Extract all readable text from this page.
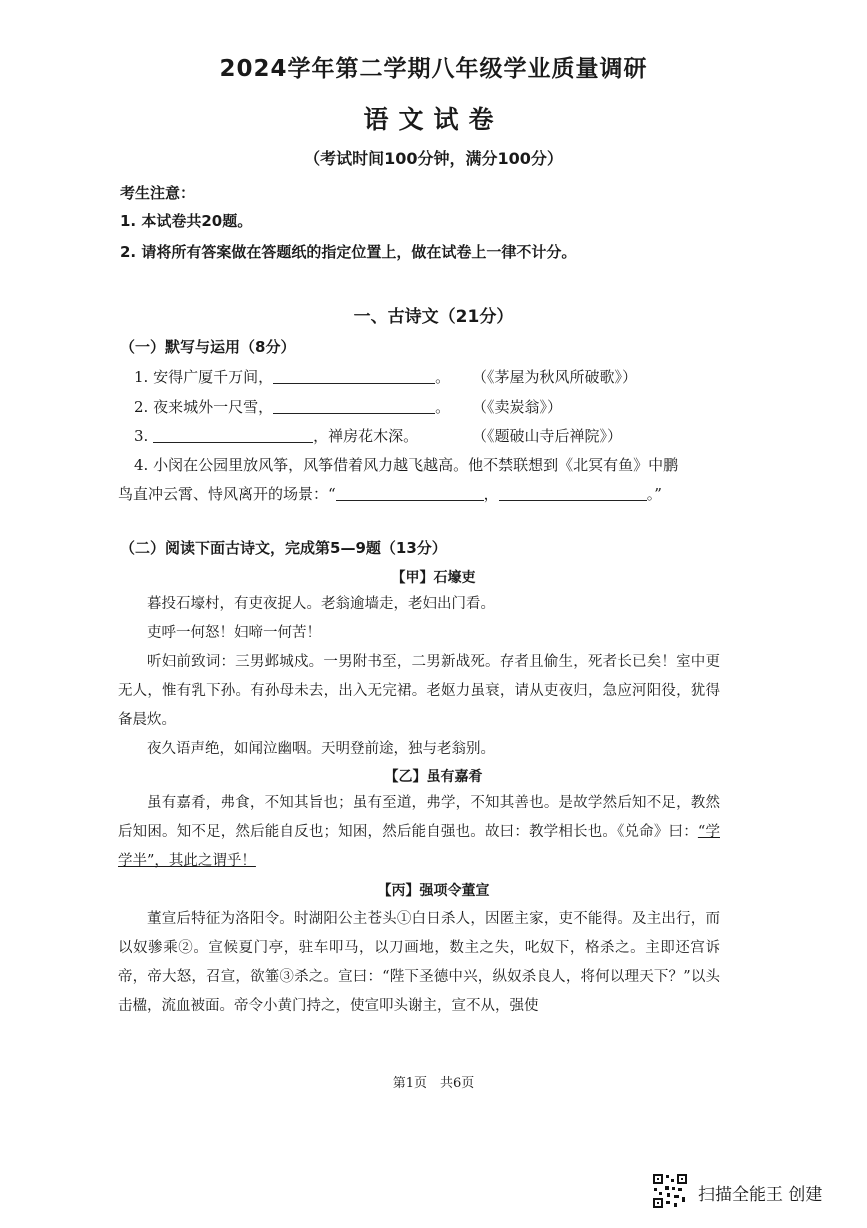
2024学年第二学期八年级学业质量调研
语文试卷
（考试时间100分钟，满分100分）
考生注意：
1. 本试卷共20题。
2. 请将所有答案做在答题纸的指定位置上，做在试卷上一律不计分。
一、古诗文（21分）
（一）默写与运用（8分）
1. 安得广厦千万间，	。 （《茅屋为秋风所破歌》）
2. 夜来城外一尺雪，	。 （《卖炭翁》）
3.	，禅房花木深。	（《题破山寺后禅院》）
4. 小闵在公园里放风筝，风筝借着风力越飞越高。他不禁联想到《北冥有鱼》中鹏
鸟直冲云霄、恃风离开的场景：“	，	。”
（二）阅读下面古诗文，完成第5—9题（13分）
【甲】石壕吏

暮投石壕村，有吏夜捉人。老翁逾墙走，老妇出门看。

吏呼一何怒！妇啼一何苦！

听妇前致词：三男邺城戍。一男附书至，二男新战死。存者且偷生，死者长已矣！室中更无人，惟有乳下孙。有孙母未去，出入无完裙。老妪力虽衰，请从吏夜归，急应河阳役，犹得备晨炊。

夜久语声绝，如闻泣幽咽。天明登前途，独与老翁别。

【乙】虽有嘉肴

虽有嘉肴，弗食，不知其旨也；虽有至道，弗学，不知其善也。是故学然后知不足，教然后知困。知不足，然后能自反也；知困，然后能自强也。故曰：教学相长也。《兑命》曰：“学学半”，其此之谓乎！

【丙】强项令董宣

董宣后特征为洛阳令。时湖阳公主苍头①白日杀人，因匿主家，吏不能得。及主出行，而以奴骖乘②。宣候夏门亭，驻车叩马，以刀画地，数主之失，叱奴下，格杀之。主即还宫诉帝，帝大怒，召宣，欲箠③杀之。宣曰：“陛下圣德中兴，纵奴杀良人，将何以理天下？”以头击楹，流血被面。帝令小黄门持之，使宣叩头谢主，宣不从，强使

第1页　共6页
扫描全能王 创建
